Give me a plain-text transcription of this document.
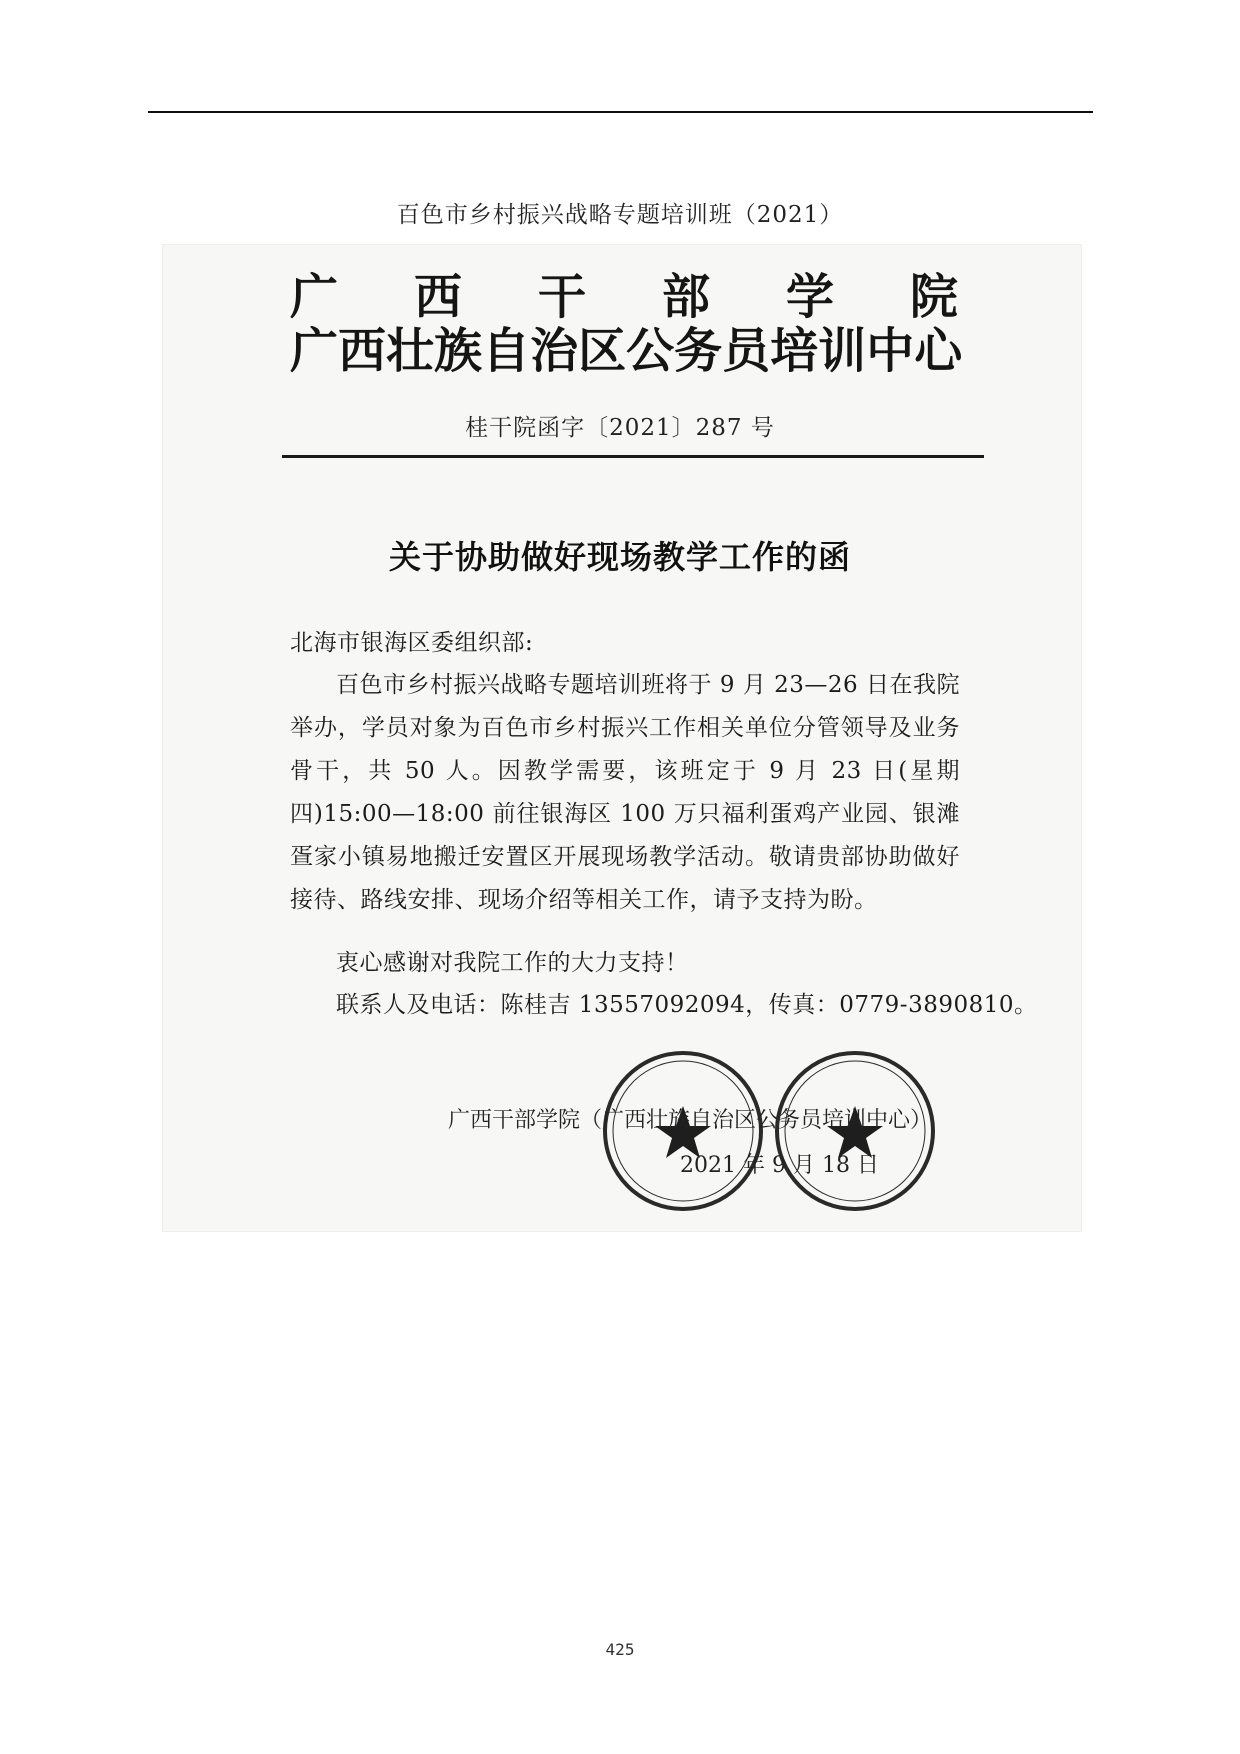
百色市乡村振兴战略专题培训班（2021）
广 西 干 部 学 院
广 西 壮 族 自 治 区 公 务 员 培 训 中 心
桂干院函字〔2021〕287 号
关于协助做好现场教学工作的函
北海市银海区委组织部:
百色市乡村振兴战略专题培训班将于 9 月 23—26 日在我院举办，学员对象为百色市乡村振兴工作相关单位分管领导及业务骨干，共 50 人。因教学需要，该班定于 9 月 23 日(星期四)15:00—18:00 前往银海区 100 万只福利蛋鸡产业园、银滩疍家小镇易地搬迁安置区开展现场教学活动。敬请贵部协助做好接待、路线安排、现场介绍等相关工作，请予支持为盼。
衷心感谢对我院工作的大力支持！
联系人及电话：陈桂吉 13557092094，传真：0779-3890810。
广西干部学院（广西壮族自治区公务员培训中心）
2021 年 9 月 18 日
425
